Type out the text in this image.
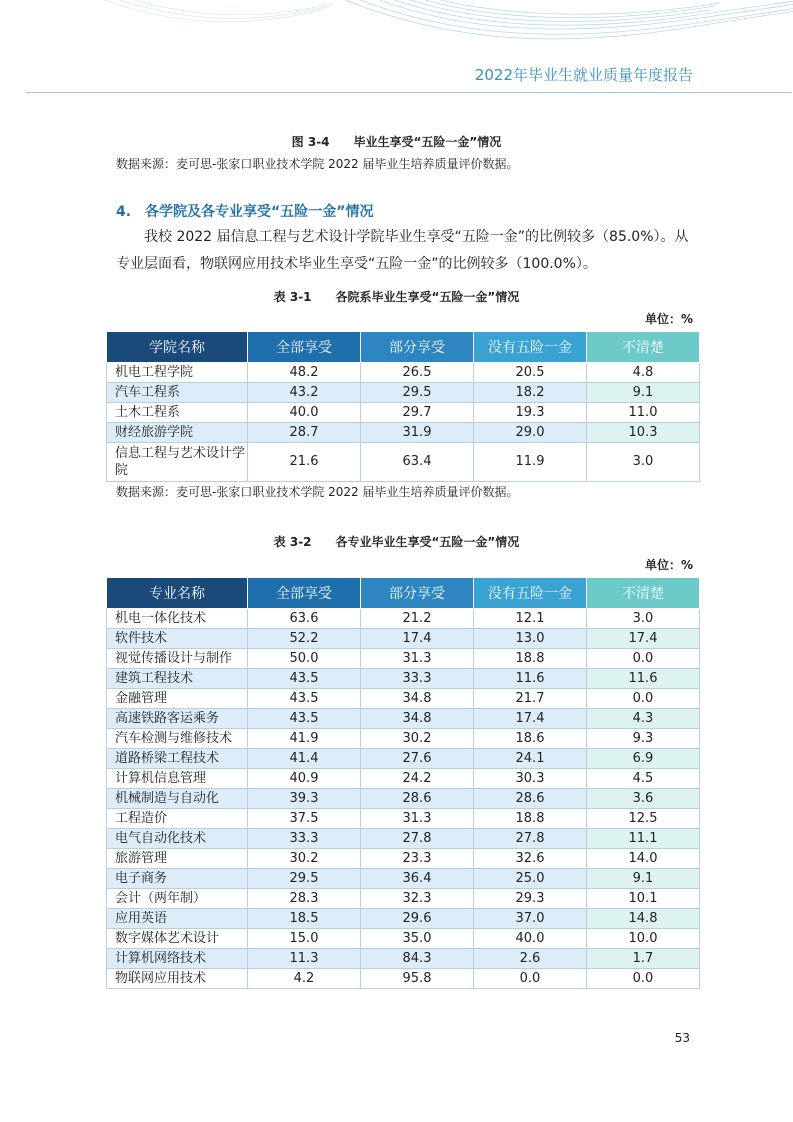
2022年毕业生就业质量年度报告
图 3-4　　毕业生享受“五险一金”情况
数据来源：麦可思-张家口职业技术学院 2022 届毕业生培养质量评价数据。
4.　各学院及各专业享受“五险一金”情况
我校 2022 届信息工程与艺术设计学院毕业生享受“五险一金”的比例较多（85.0%）。从
专业层面看，物联网应用技术毕业生享受“五险一金”的比例较多（100.0%）。
表 3-1　　各院系毕业生享受“五险一金”情况
单位：%
学院名称	全部享受	部分享受	没有五险一金	不清楚
机电工程学院	48.2	26.5	20.5	4.8
汽车工程系	43.2	29.5	18.2	9.1
土木工程系	40.0	29.7	19.3	11.0
财经旅游学院	28.7	31.9	29.0	10.3
信息工程与艺术设计学院	21.6	63.4	11.9	3.0
数据来源：麦可思-张家口职业技术学院 2022 届毕业生培养质量评价数据。
表 3-2　　各专业毕业生享受“五险一金”情况
单位：%
专业名称	全部享受	部分享受	没有五险一金	不清楚
机电一体化技术	63.6	21.2	12.1	3.0
软件技术	52.2	17.4	13.0	17.4
视觉传播设计与制作	50.0	31.3	18.8	0.0
建筑工程技术	43.5	33.3	11.6	11.6
金融管理	43.5	34.8	21.7	0.0
高速铁路客运乘务	43.5	34.8	17.4	4.3
汽车检测与维修技术	41.9	30.2	18.6	9.3
道路桥梁工程技术	41.4	27.6	24.1	6.9
计算机信息管理	40.9	24.2	30.3	4.5
机械制造与自动化	39.3	28.6	28.6	3.6
工程造价	37.5	31.3	18.8	12.5
电气自动化技术	33.3	27.8	27.8	11.1
旅游管理	30.2	23.3	32.6	14.0
电子商务	29.5	36.4	25.0	9.1
会计（两年制）	28.3	32.3	29.3	10.1
应用英语	18.5	29.6	37.0	14.8
数字媒体艺术设计	15.0	35.0	40.0	10.0
计算机网络技术	11.3	84.3	2.6	1.7
物联网应用技术	4.2	95.8	0.0	0.0
53
